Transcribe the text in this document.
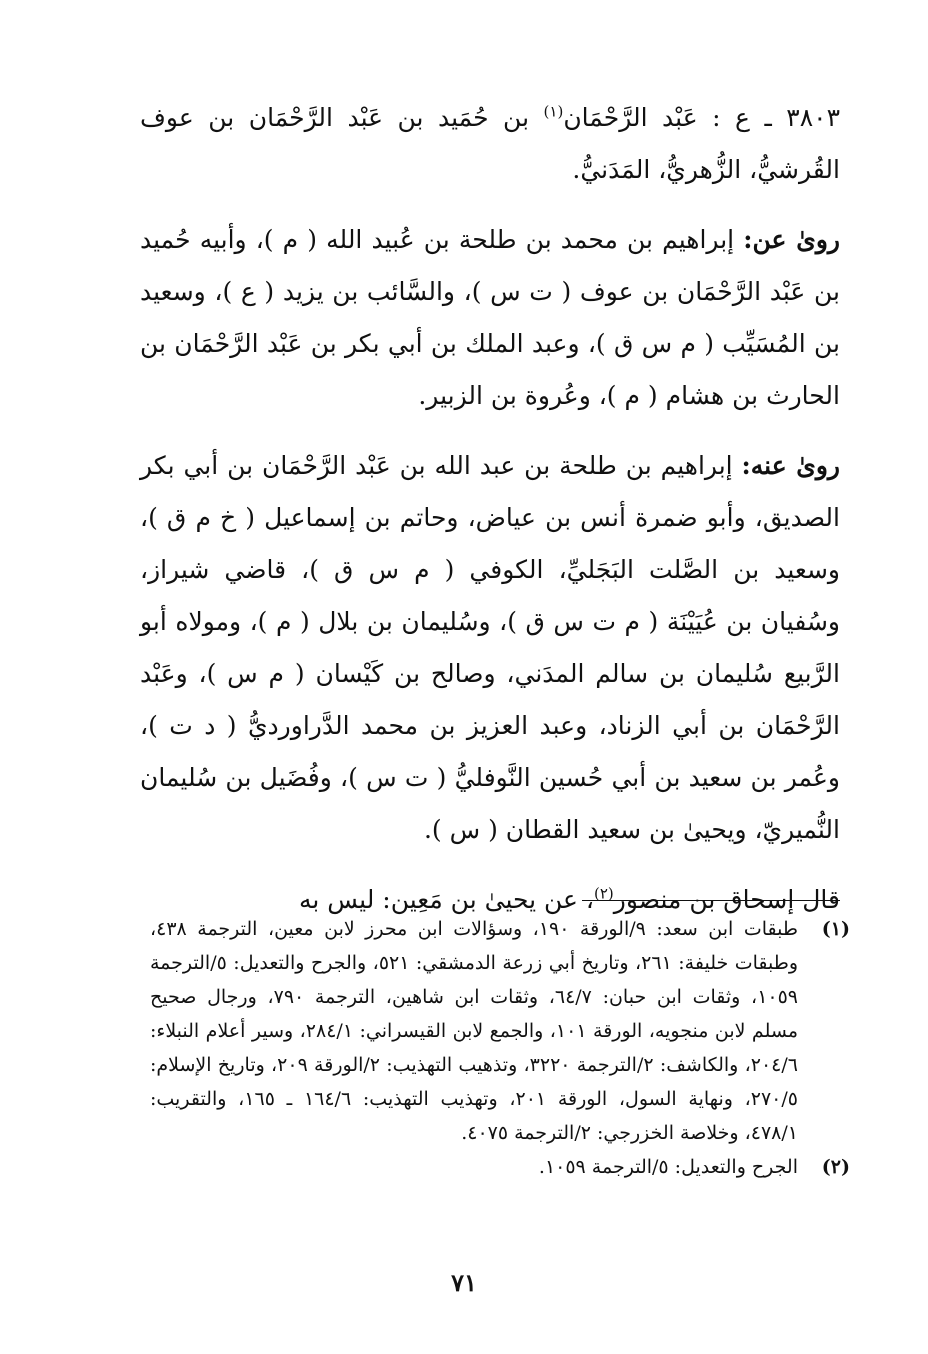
٣٨٠٣ ـ ع : عَبْد الرَّحْمَان$^{(١)}$ بن حُمَيد بن عَبْد الرَّحْمَان بن عوف القُرشيُّ، الزُّهريُّ، المَدَنيُّ.

روىٰ عن: إبراهيم بن محمد بن طلحة بن عُبيد الله ( م )، وأبيه حُميد بن عَبْد الرَّحْمَان بن عوف ( ت س )، والسَّائب بن يزيد ( ع )، وسعيد بن المُسَيِّب ( م س ق )، وعبد الملك بن أبي بكر بن عَبْد الرَّحْمَان بن الحارث بن هشام ( م )، وعُروة بن الزبير.

روىٰ عنه: إبراهيم بن طلحة بن عبد الله بن عَبْد الرَّحْمَان بن أبي بكر الصديق، وأبو ضمرة أنس بن عياض، وحاتم بن إسماعيل ( خ م ق )، وسعيد بن الصَّلت البَجَليِّ، الكوفي ( م س ق )، قاضي شيراز، وسُفيان بن عُيَيْنَة ( م ت س ق )، وسُليمان بن بلال ( م )، ومولاه أبو الرَّبيع سُليمان بن سالم المدَني، وصالح بن كَيْسان ( م س )، وعَبْد الرَّحْمَان بن أبي الزناد، وعبد العزيز بن محمد الدَّراورديُّ ( د ت )، وعُمر بن سعيد بن أبي حُسين النَّوفليُّ ( ت س )، وفُضَيل بن سُليمان النُّميريّ، ويحيىٰ بن سعيد القطان ( س ).

قال إسحاق بن منصور$^{(٢)}$، عن يحيىٰ بن مَعِين: ليس به

(١)
طبقات ابن سعد: ٩/الورقة ١٩٠، وسؤالات ابن محرز لابن معين، الترجمة ٤٣٨، وطبقات خليفة: ٢٦١، وتاريخ أبي زرعة الدمشقي: ٥٢١، والجرح والتعديل: ٥/الترجمة ١٠٥٩، وثقات ابن حبان: ٦٤/٧، وثقات ابن شاهين، الترجمة ٧٩٠، ورجال صحيح مسلم لابن منجويه، الورقة ١٠١، والجمع لابن القيسراني: ٢٨٤/١، وسير أعلام النبلاء: ٢٠٤/٦، والكاشف: ٢/الترجمة ٣٢٢٠، وتذهيب التهذيب: ٢/الورقة ٢٠٩، وتاريخ الإسلام: ٢٧٠/٥، ونهاية السول، الورقة ٢٠١، وتهذيب التهذيب: ١٦٤/٦ ـ ١٦٥، والتقريب: ٤٧٨/١، وخلاصة الخزرجي: ٢/الترجمة ٤٠٧٥.
(٢)
الجرح والتعديل: ٥/الترجمة ١٠٥٩.
٧١
